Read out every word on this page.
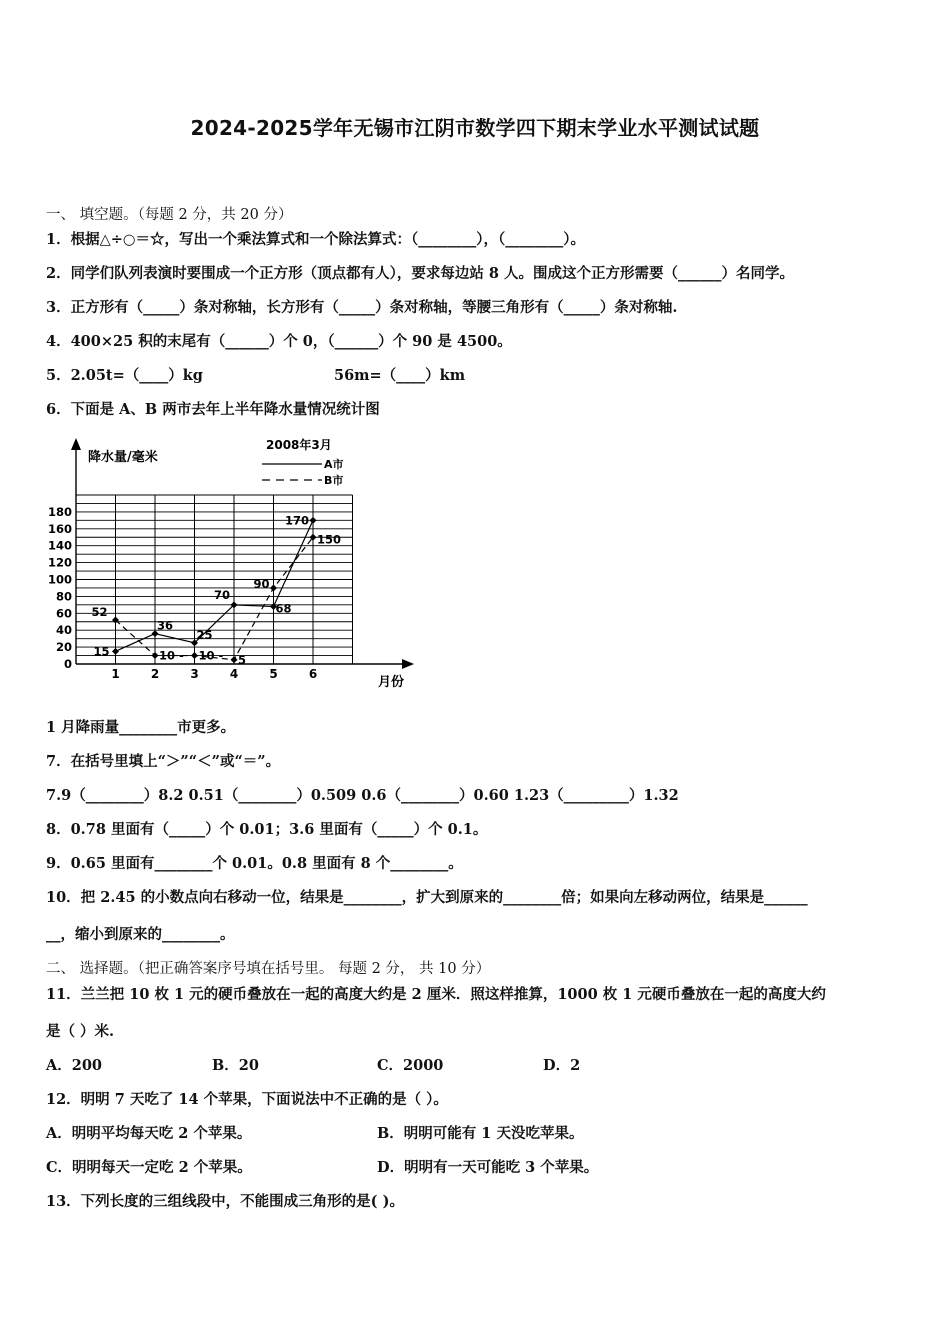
2024-2025学年无锡市江阴市数学四下期末学业水平测试试题
一、 填空题。（每题 2 分，共 20 分）
1．根据△÷○＝☆，写出一个乘法算式和一个除法算式：（________），（________）。
2．同学们队列表演时要围成一个正方形（顶点都有人），要求每边站 8 人。围成这个正方形需要（______）名同学。
3．正方形有（_____）条对称轴，长方形有（_____）条对称轴，等腰三角形有（_____）条对称轴.
4．400×25 积的末尾有（______）个 0，（______）个 90 是 4500。
5．2.05t=（____）kg	56m=（____）km
6．下面是 A、B 两市去年上半年降水量情况统计图
降水量/毫米
2008年3月
A市
B市
月份
0
20
40
60
80
100
120
140
160
180
1	2	3	4	5	6
15
36
25
70
68
170
52
10 - 10 - 5
90
150
1 月降雨量________市更多。
7．在括号里填上“＞”“＜”或“＝”。
7.9（________）8.2 0.51（________）0.509 0.6（________）0.60 1.23（_________）1.32
8．0.78 里面有（_____）个 0.01；3.6 里面有（_____）个 0.1。
9．0.65 里面有________个 0.01。0.8 里面有 8 个________。
10．把 2.45 的小数点向右移动一位，结果是________，扩大到原来的________倍；如果向左移动两位，结果是______
__，缩小到原来的________。
二、 选择题。（把正确答案序号填在括号里。 每题 2 分， 共 10 分）
11．兰兰把 10 枚 1 元的硬币叠放在一起的高度大约是 2 厘米．照这样推算，1000 枚 1 元硬币叠放在一起的高度大约
是（ ）米.
A．200	B．20	C．2000	D．2
12．明明 7 天吃了 14 个苹果，下面说法中不正确的是（ ）。
A．明明平均每天吃 2 个苹果。	B．明明可能有 1 天没吃苹果。
C．明明每天一定吃 2 个苹果。	D．明明有一天可能吃 3 个苹果。
13．下列长度的三组线段中，不能围成三角形的是( )。
